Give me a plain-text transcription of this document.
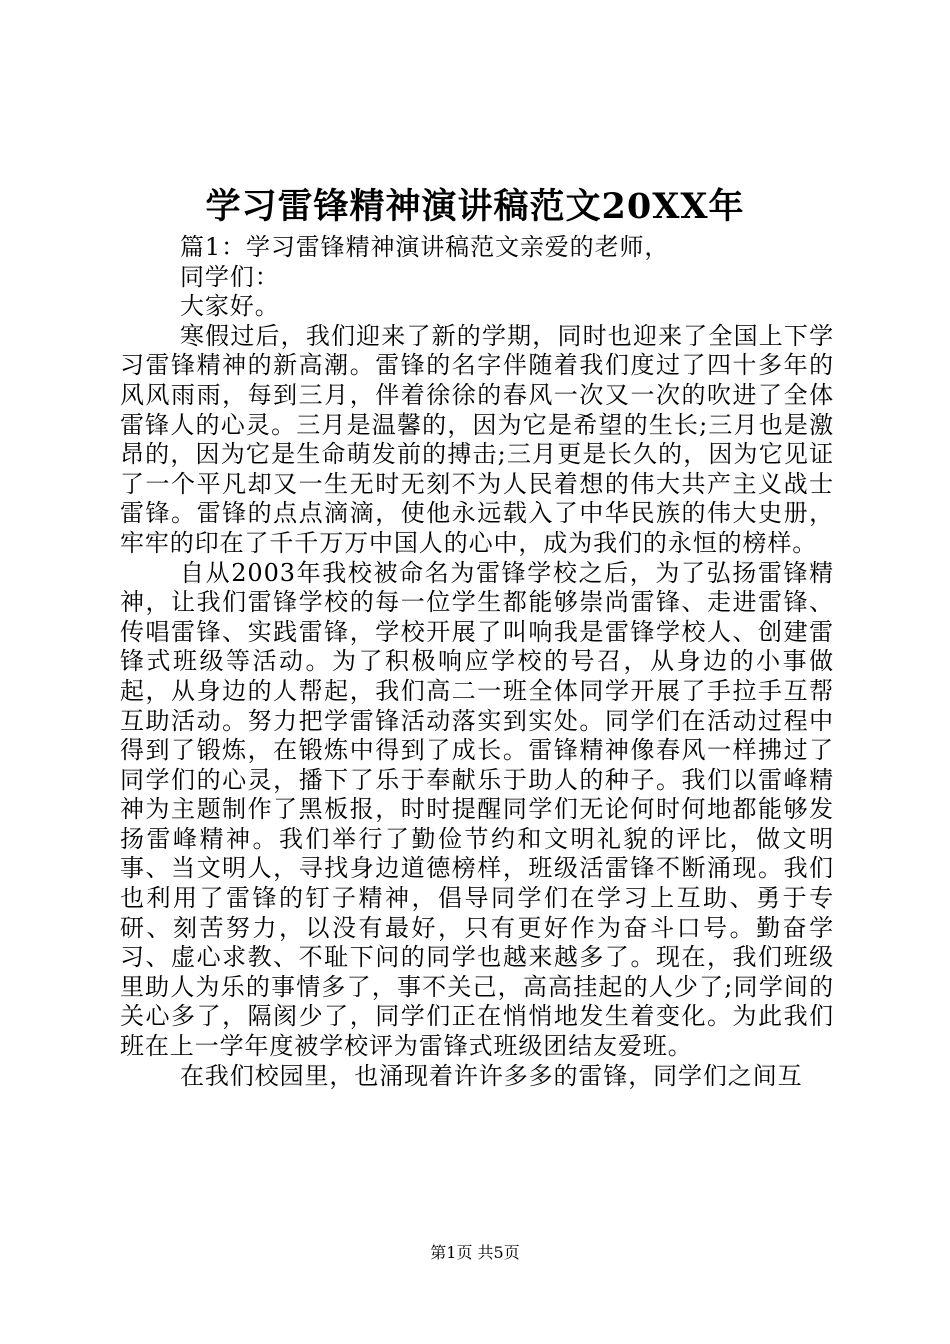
学习雷锋精神演讲稿范文20XX年

篇1：学习雷锋精神演讲稿范文亲爱的老师，

同学们：

大家好。

寒假过后，我们迎来了新的学期，同时也迎来了全国上下学习雷锋精神的新高潮。雷锋的名字伴随着我们度过了四十多年的风风雨雨，每到三月，伴着徐徐的春风一次又一次的吹进了全体雷锋人的心灵。三月是温馨的，因为它是希望的生长;三月也是激昂的，因为它是生命萌发前的搏击;三月更是长久的，因为它见证了一个平凡却又一生无时无刻不为人民着想的伟大共产主义战士雷锋。雷锋的点点滴滴，使他永远载入了中华民族的伟大史册，牢牢的印在了千千万万中国人的心中，成为我们的永恒的榜样。

自从2003年我校被命名为雷锋学校之后，为了弘扬雷锋精神，让我们雷锋学校的每一位学生都能够崇尚雷锋、走进雷锋、传唱雷锋、实践雷锋，学校开展了叫响我是雷锋学校人、创建雷锋式班级等活动。为了积极响应学校的号召，从身边的小事做起，从身边的人帮起，我们高二一班全体同学开展了手拉手互帮互助活动。努力把学雷锋活动落实到实处。同学们在活动过程中得到了锻炼，在锻炼中得到了成长。雷锋精神像春风一样拂过了同学们的心灵，播下了乐于奉献乐于助人的种子。我们以雷峰精神为主题制作了黑板报，时时提醒同学们无论何时何地都能够发扬雷峰精神。我们举行了勤俭节约和文明礼貌的评比，做文明事、当文明人，寻找身边道德榜样，班级活雷锋不断涌现。我们也利用了雷锋的钉子精神，倡导同学们在学习上互助、勇于专研、刻苦努力，以没有最好，只有更好作为奋斗口号。勤奋学习、虚心求教、不耻下问的同学也越来越多了。现在，我们班级里助人为乐的事情多了，事不关己，高高挂起的人少了;同学间的关心多了，隔阂少了，同学们正在悄悄地发生着变化。为此我们班在上一学年度被学校评为雷锋式班级团结友爱班。

在我们校园里，也涌现着许许多多的雷锋，同学们之间互

第1页 共5页
